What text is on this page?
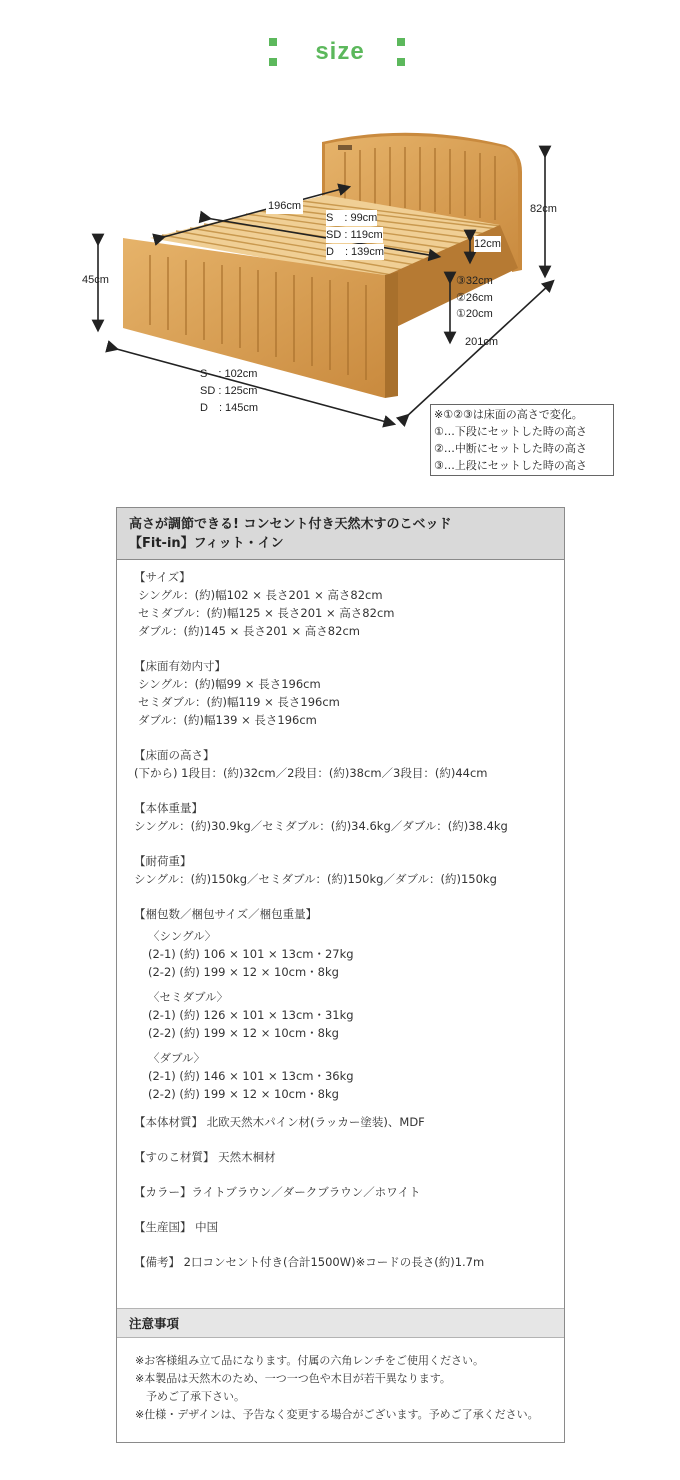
size
196cm
S　: 99cm
SD : 119cm
D　: 139cm
82cm
45cm
12cm
③32cm
②26cm
①20cm
201cm
S　: 102cm
SD : 125cm
D　: 145cm	※①②③は床面の高さで変化。
①…下段にセットした時の高さ
②…中断にセットした時の高さ
③…上段にセットした時の高さ
高さが調節できる! コンセント付き天然木すのこベッド
【Fit-in】フィット・イン
【サイズ】
シングル：(約)幅102 × 長さ201 × 高さ82cm
セミダブル：(約)幅125 × 長さ201 × 高さ82cm
ダブル：(約)145 × 長さ201 × 高さ82cm
【床面有効内寸】
シングル：(約)幅99 × 長さ196cm
セミダブル：(約)幅119 × 長さ196cm
ダブル：(約)幅139 × 長さ196cm
【床面の高さ】
(下から) 1段目：(約)32cm／2段目：(約)38cm／3段目：(約)44cm
【本体重量】
シングル：(約)30.9kg／セミダブル：(約)34.6kg／ダブル：(約)38.4kg
【耐荷重】
シングル：(約)150kg／セミダブル：(約)150kg／ダブル：(約)150kg
【梱包数／梱包サイズ／梱包重量】
〈シングル〉
(2-1) (約) 106 × 101 × 13cm・27kg
(2-2) (約) 199 × 12 × 10cm・8kg
〈セミダブル〉
(2-1) (約) 126 × 101 × 13cm・31kg
(2-2) (約) 199 × 12 × 10cm・8kg
〈ダブル〉
(2-1) (約) 146 × 101 × 13cm・36kg
(2-2) (約) 199 × 12 × 10cm・8kg
【本体材質】 北欧天然木パイン材(ラッカー塗装)、MDF
【すのこ材質】 天然木桐材
【カラー】ライトブラウン／ダークブラウン／ホワイト
【生産国】 中国
【備考】 2口コンセント付き(合計1500W)※コードの長さ(約)1.7m
注意事項
※お客様組み立て品になります。付属の六角レンチをご使用ください。
※本製品は天然木のため、一つ一つ色や木目が若干異なります。
　予めご了承下さい。
※仕様・デザインは、予告なく変更する場合がございます。予めご了承ください。
